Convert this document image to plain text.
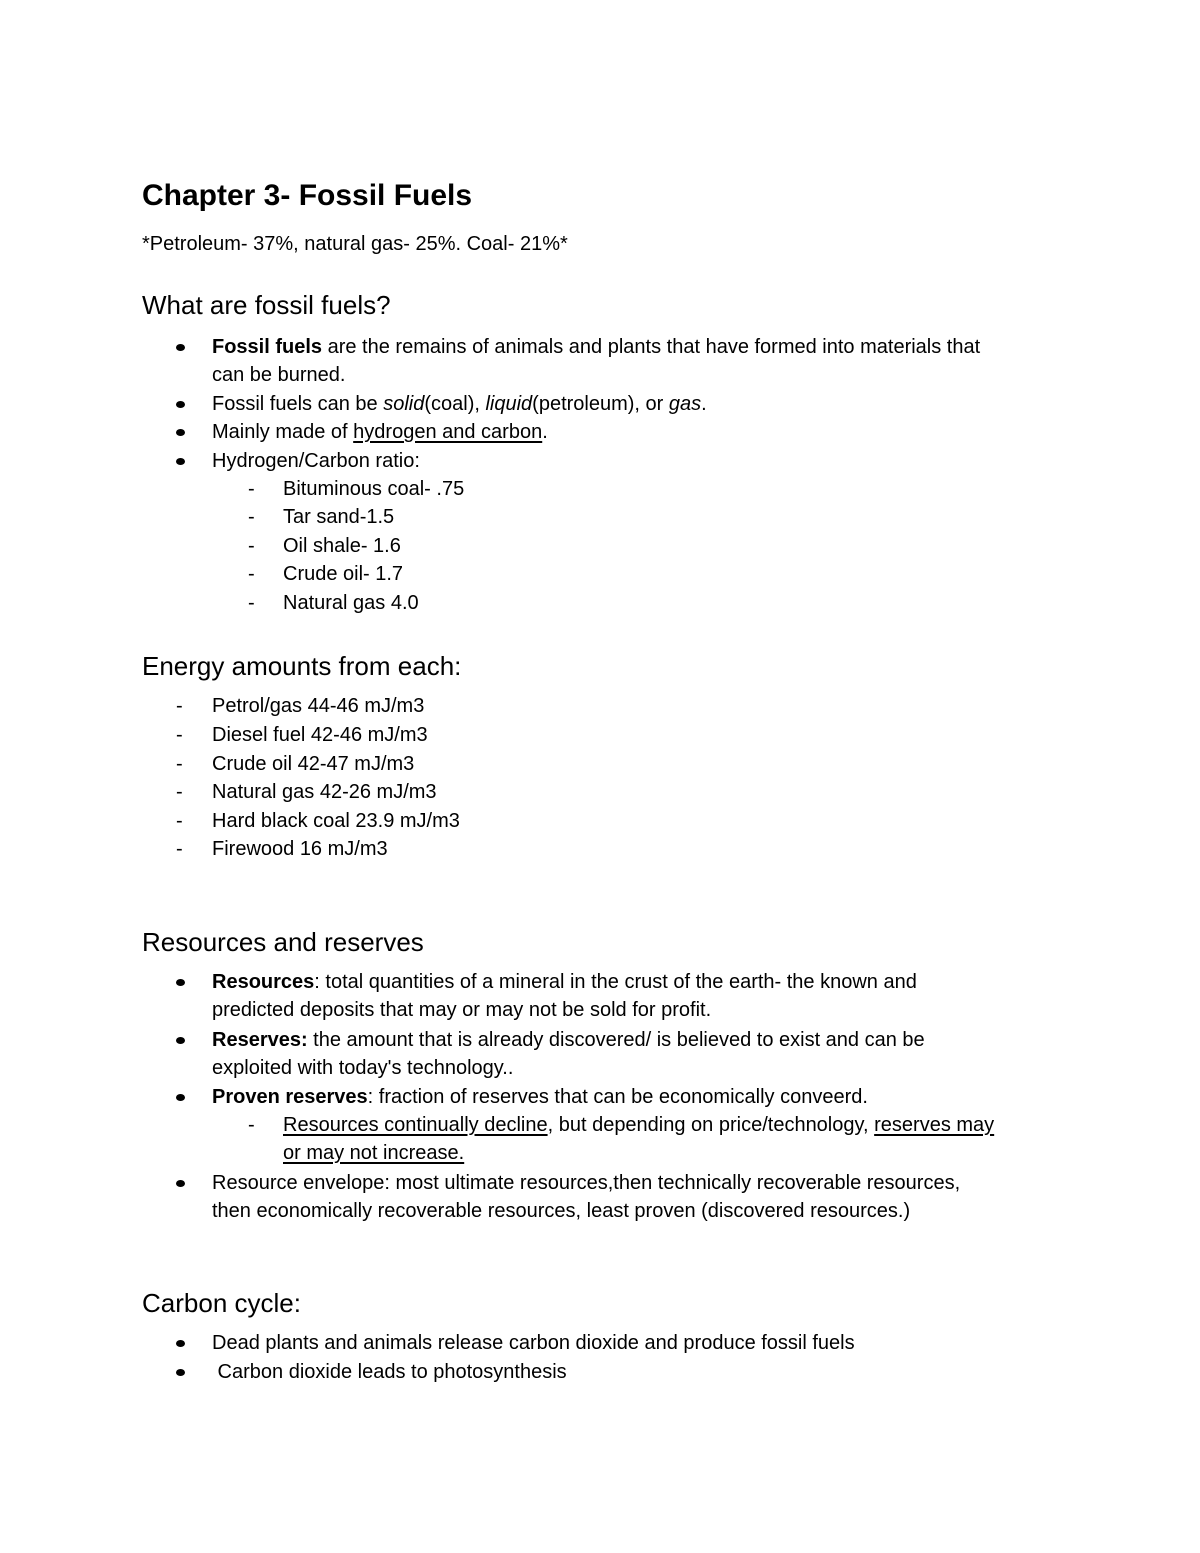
Chapter 3- Fossil Fuels
*Petroleum- 37%, natural gas- 25%. Coal- 21%*
What are fossil fuels?
Fossil fuels are the remains of animals and plants that have formed into materials that
can be burned.
Fossil fuels can be solid(coal), liquid(petroleum), or gas.
Mainly made of hydrogen and carbon.
Hydrogen/Carbon ratio:
- Bituminous coal- .75
- Tar sand-1.5
- Oil shale- 1.6
- Crude oil- 1.7
- Natural gas 4.0
Energy amounts from each:
- Petrol/gas 44-46 mJ/m3
- Diesel fuel 42-46 mJ/m3
- Crude oil 42-47 mJ/m3
- Natural gas 42-26 mJ/m3
- Hard black coal 23.9 mJ/m3
- Firewood 16 mJ/m3
Resources and reserves
Resources: total quantities of a mineral in the crust of the earth- the known and
predicted deposits that may or may not be sold for profit.
Reserves: the amount that is already discovered/ is believed to exist and can be
exploited with today's technology..
Proven reserves: fraction of reserves that can be economically conveerd.
- Resources continually decline, but depending on price/technology, reserves may
or may not increase.
Resource envelope: most ultimate resources,then technically recoverable resources,
then economically recoverable resources, least proven (discovered resources.)
Carbon cycle:
Dead plants and animals release carbon dioxide and produce fossil fuels
Carbon dioxide leads to photosynthesis
